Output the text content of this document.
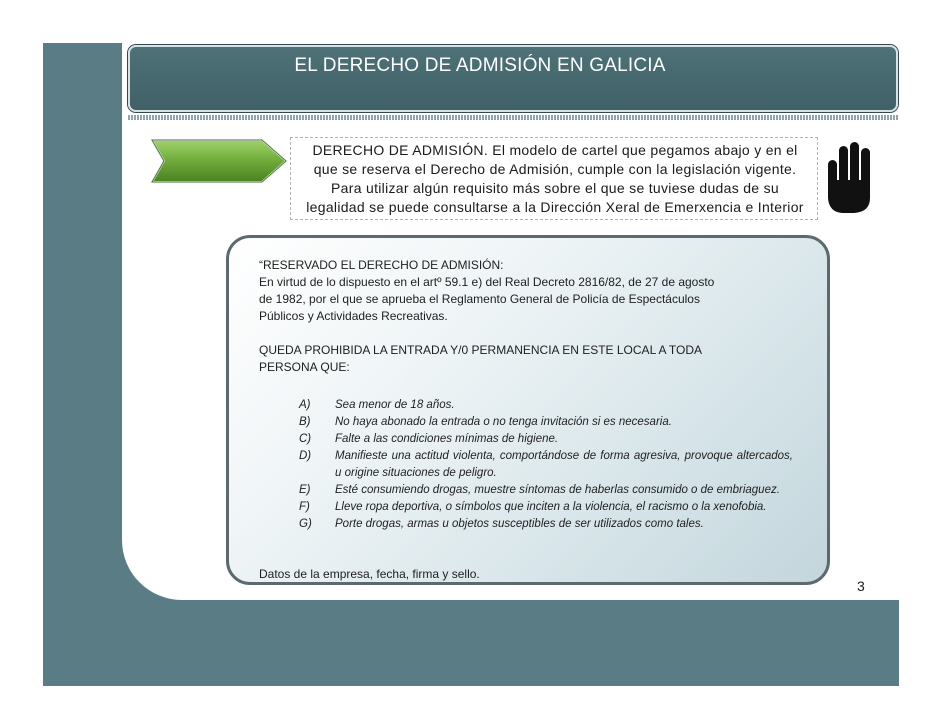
EL DERECHO DE ADMISIÓN EN GALICIA
DERECHO DE ADMISIÓN. El modelo de cartel que pegamos abajo y en el
que se reserva el Derecho de Admisión, cumple con la legislación vigente.
Para utilizar algún requisito más sobre el que se tuviese dudas de su
legalidad se puede consultarse a la Dirección Xeral de Emerxencia e Interior

“RESERVADO EL DERECHO DE ADMISIÓN:
En virtud de lo dispuesto en el artº 59.1 e) del Real Decreto 2816/82, de 27 de agosto
de 1982, por el que se aprueba el Reglamento General de Policía de Espectáculos
Públicos y Actividades Recreativas.

QUEDA PROHIBIDA LA ENTRADA Y/0 PERMANENCIA EN ESTE LOCAL A TODA
PERSONA QUE:

A)	Sea menor de 18 años.
B)	No haya abonado la entrada o no tenga invitación si es necesaria.
C)	Falte a las condiciones mínimas de higiene.
D)	Manifieste una actitud violenta, comportándose de forma agresiva, provoque altercados, u origine situaciones de peligro.
E)	Esté consumiendo drogas, muestre síntomas de haberlas consumido o de embriaguez.
F)	Lleve ropa deportiva, o símbolos que inciten a la violencia, el racismo o la xenofobia.
G)	Porte drogas, armas u objetos susceptibles de ser utilizados como tales.

Datos de la empresa, fecha, firma y sello.

3
